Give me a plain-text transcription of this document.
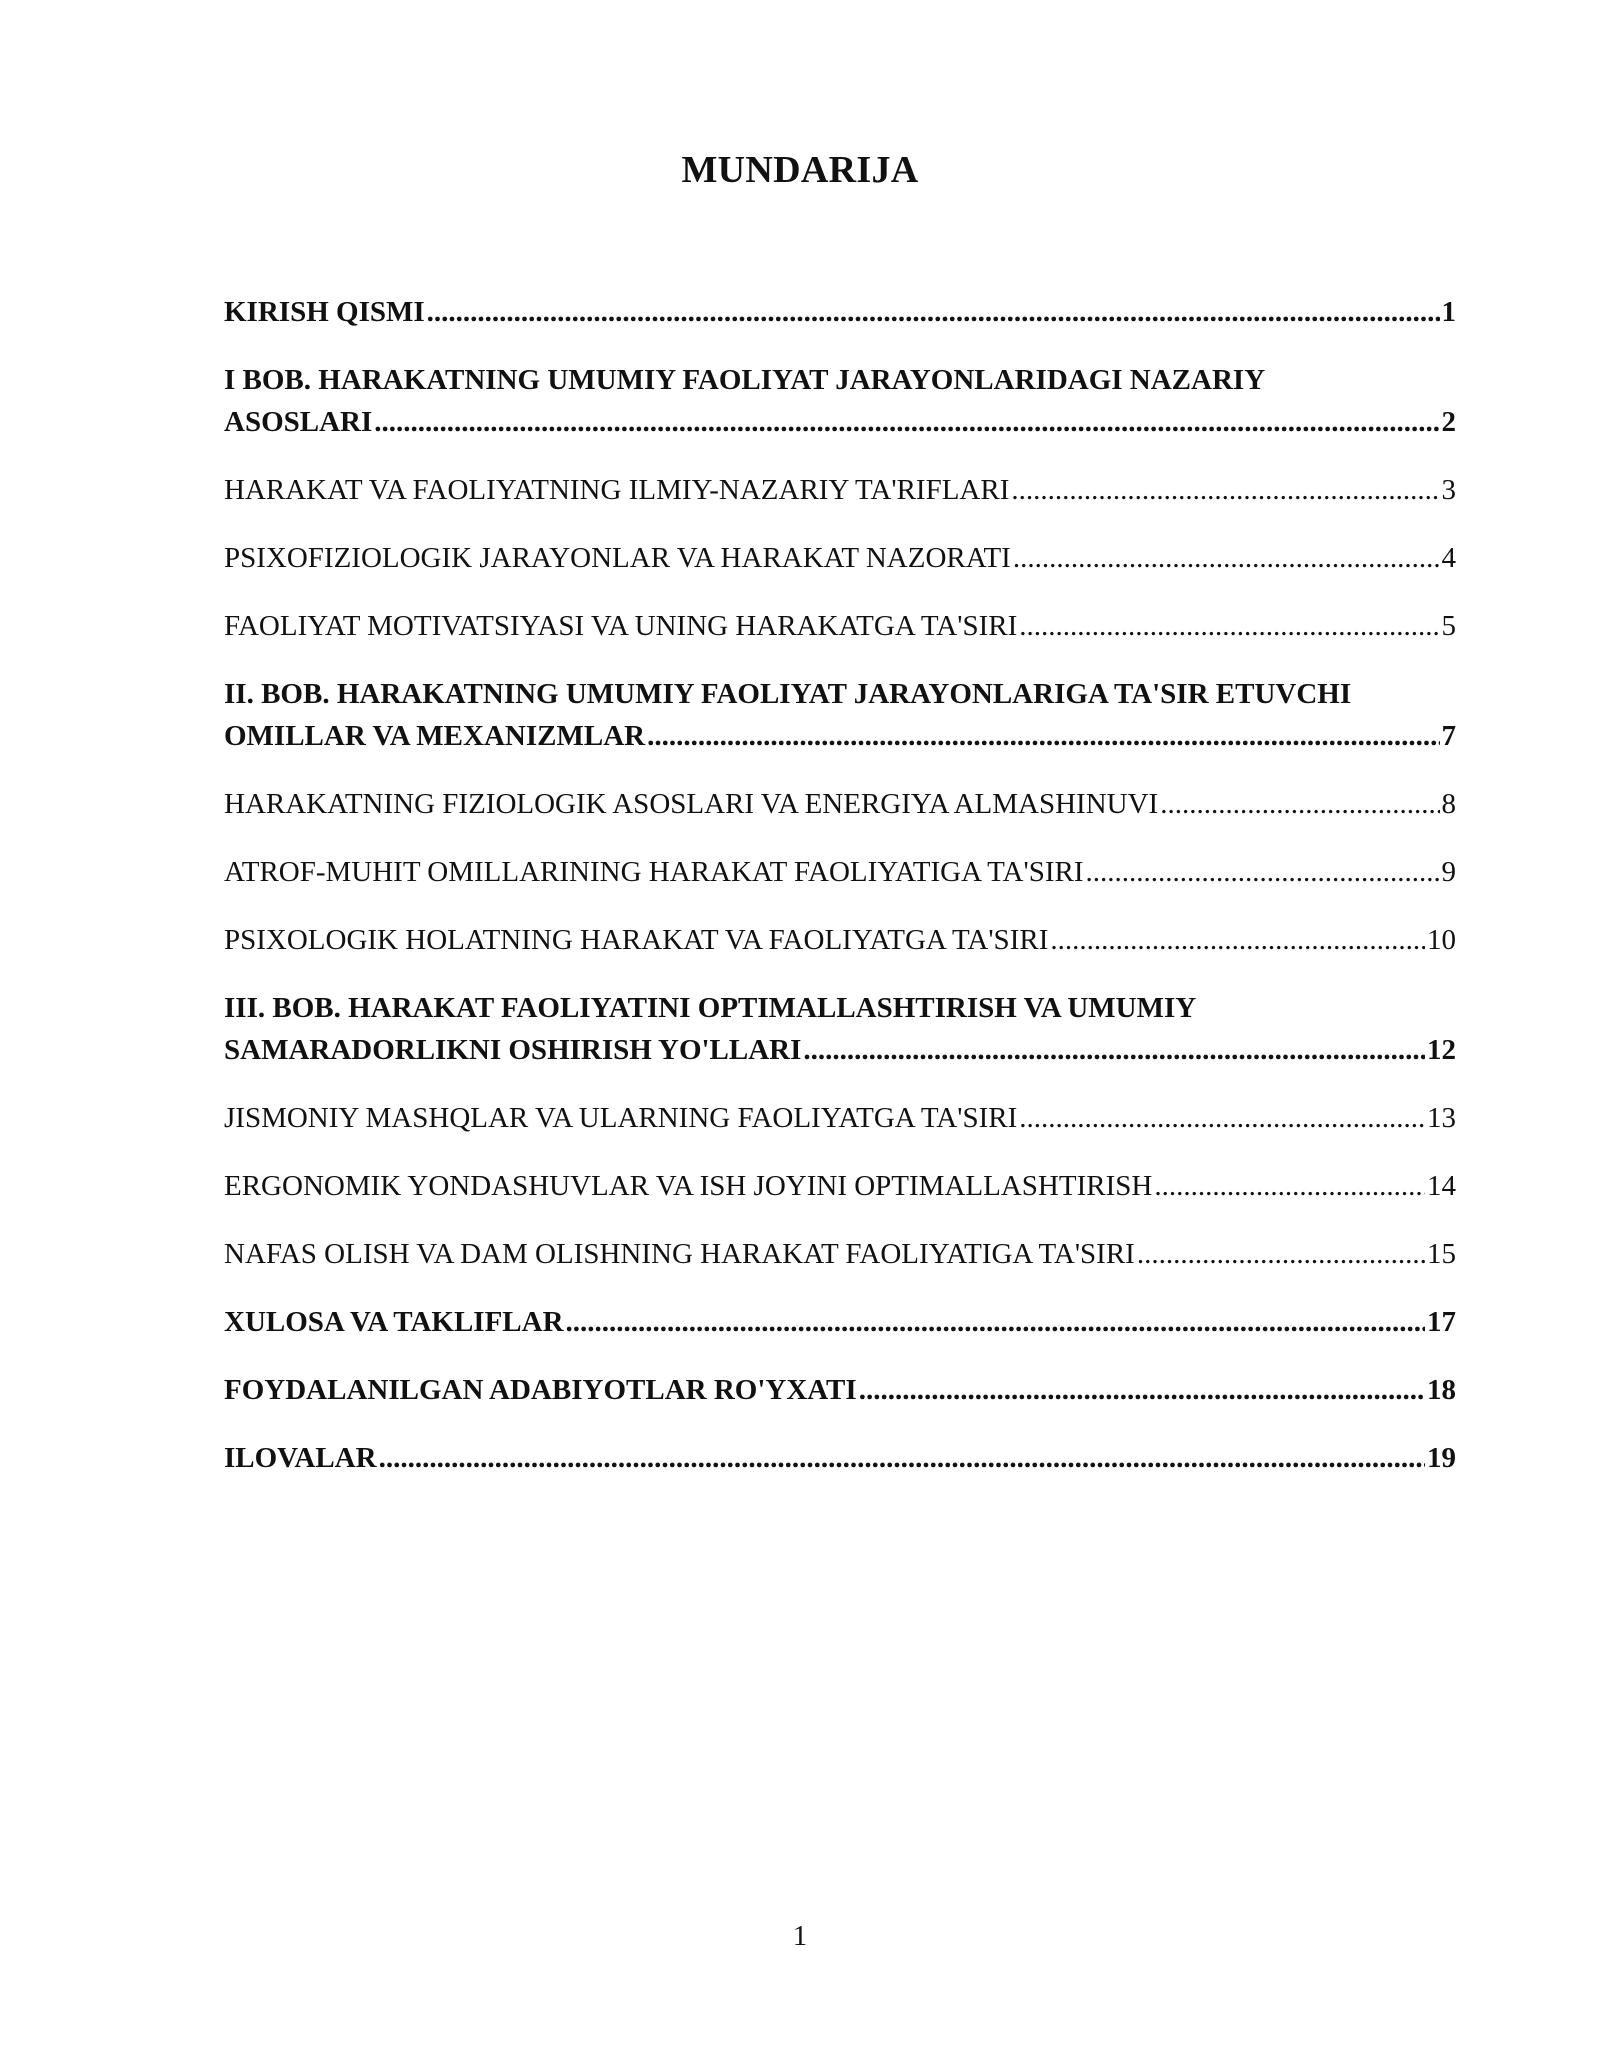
MUNDARIJA
KIRISH QISMI .....	1
I BOB. HARAKATNING UMUMIY FAOLIYAT JARAYONLARIDAGI NAZARIY
ASOSLARI .....	2
HARAKAT VA FAOLIYATNING ILMIY-NAZARIY TA'RIFLARI .....	3
PSIXOFIZIOLOGIK JARAYONLAR VA HARAKAT NAZORATI .....	4
FAOLIYAT MOTIVATSIYASI VA UNING HARAKATGA TA'SIRI .....	5
II. BOB. HARAKATNING UMUMIY FAOLIYAT JARAYONLARIGA TA'SIR ETUVCHI
OMILLAR VA MEXANIZMLAR .....	7
HARAKATNING FIZIOLOGIK ASOSLARI VA ENERGIYA ALMASHINUVI .....	8
ATROF-MUHIT OMILLARINING HARAKAT FAOLIYATIGA TA'SIRI .....	9
PSIXOLOGIK HOLATNING HARAKAT VA FAOLIYATGA TA'SIRI .....	10
III. BOB. HARAKAT FAOLIYATINI OPTIMALLASHTIRISH VA UMUMIY
SAMARADORLIKNI OSHIRISH YO'LLARI .....	12
JISMONIY MASHQLAR VA ULARNING FAOLIYATGA TA'SIRI .....	13
ERGONOMIK YONDASHUVLAR VA ISH JOYINI OPTIMALLASHTIRISH .....	14
NAFAS OLISH VA DAM OLISHNING HARAKAT FAOLIYATIGA TA'SIRI .....	15
XULOSA VA TAKLIFLAR .....	17
FOYDALANILGAN ADABIYOTLAR RO'YXATI .....	18
ILOVALAR .....	19
1
